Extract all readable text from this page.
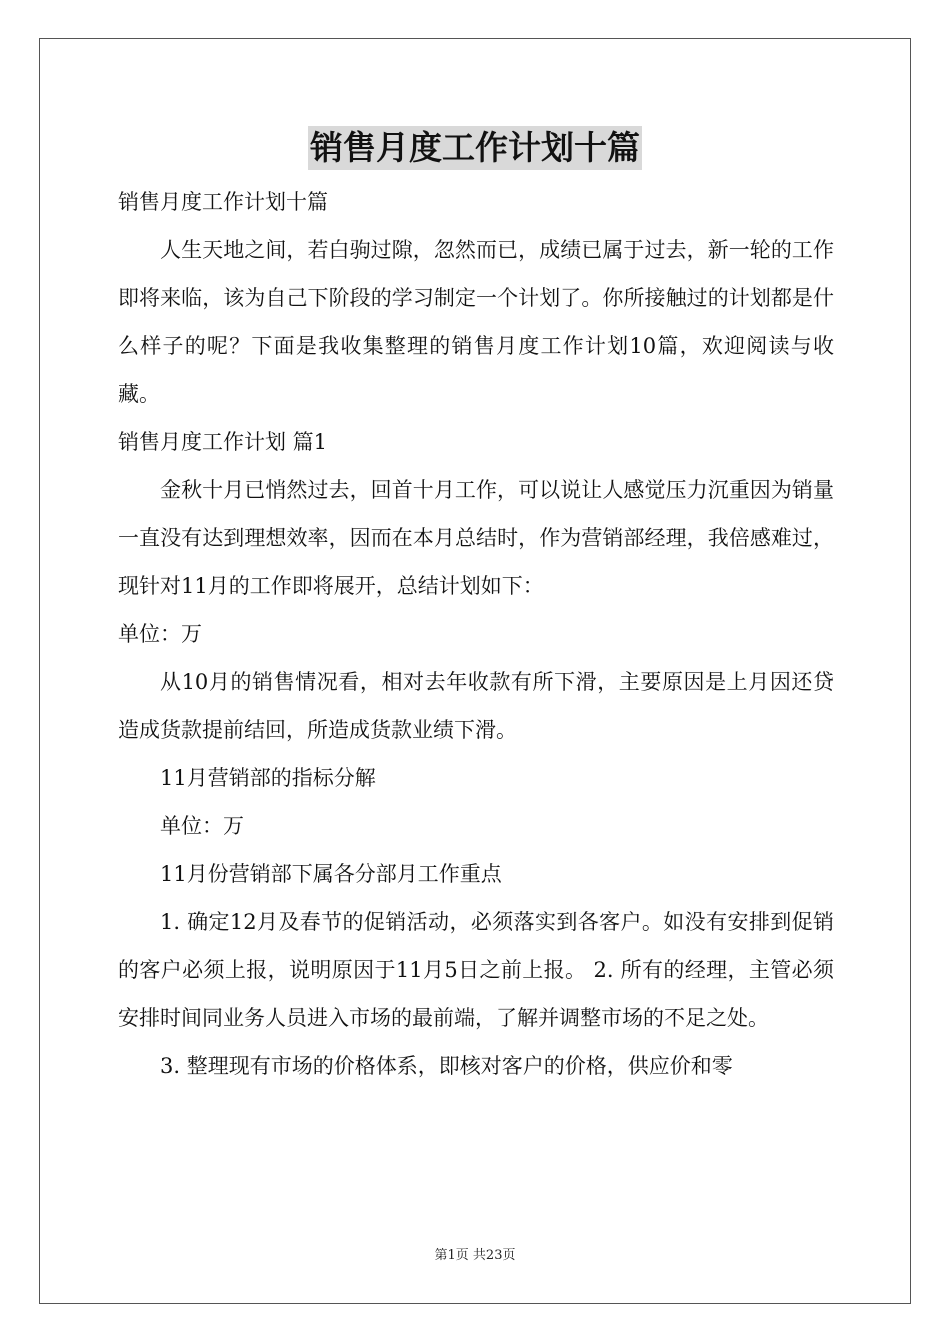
销售月度工作计划十篇

销售月度工作计划十篇

人生天地之间，若白驹过隙，忽然而已，成绩已属于过去，新一轮的工作即将来临，该为自己下阶段的学习制定一个计划了。你所接触过的计划都是什么样子的呢？下面是我收集整理的销售月度工作计划10篇，欢迎阅读与收藏。

销售月度工作计划 篇1

金秋十月已悄然过去，回首十月工作，可以说让人感觉压力沉重因为销量一直没有达到理想效率，因而在本月总结时，作为营销部经理，我倍感难过，现针对11月的工作即将展开，总结计划如下：

单位：万

从10月的销售情况看，相对去年收款有所下滑，主要原因是上月因还贷造成货款提前结回，所造成货款业绩下滑。

11月营销部的指标分解

单位：万

11月份营销部下属各分部月工作重点

1. 确定12月及春节的促销活动，必须落实到各客户。如没有安排到促销的客户必须上报，说明原因于11月5日之前上报。 2. 所有的经理，主管必须安排时间同业务人员进入市场的最前端，了解并调整市场的不足之处。

3. 整理现有市场的价格体系，即核对客户的价格，供应价和零

第1页 共23页
